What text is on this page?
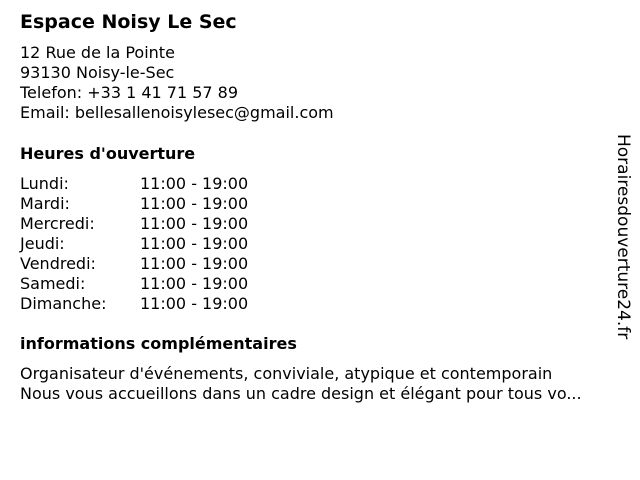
Espace Noisy Le Sec
12 Rue de la Pointe
93130 Noisy-le-Sec
Telefon: +33 1 41 71 57 89
Email: bellesallenoisylesec@gmail.com
Heures d'ouverture
Lundi:	11:00 - 19:00
Mardi:	11:00 - 19:00
Mercredi:	11:00 - 19:00
Jeudi:	11:00 - 19:00
Vendredi:	11:00 - 19:00
Samedi:	11:00 - 19:00
Dimanche:	11:00 - 19:00
informations complémentaires
Organisateur d'événements, conviviale, atypique et contemporain
Nous vous accueillons dans un cadre design et élégant pour tous vo...
Horairesdouverture24.fr
